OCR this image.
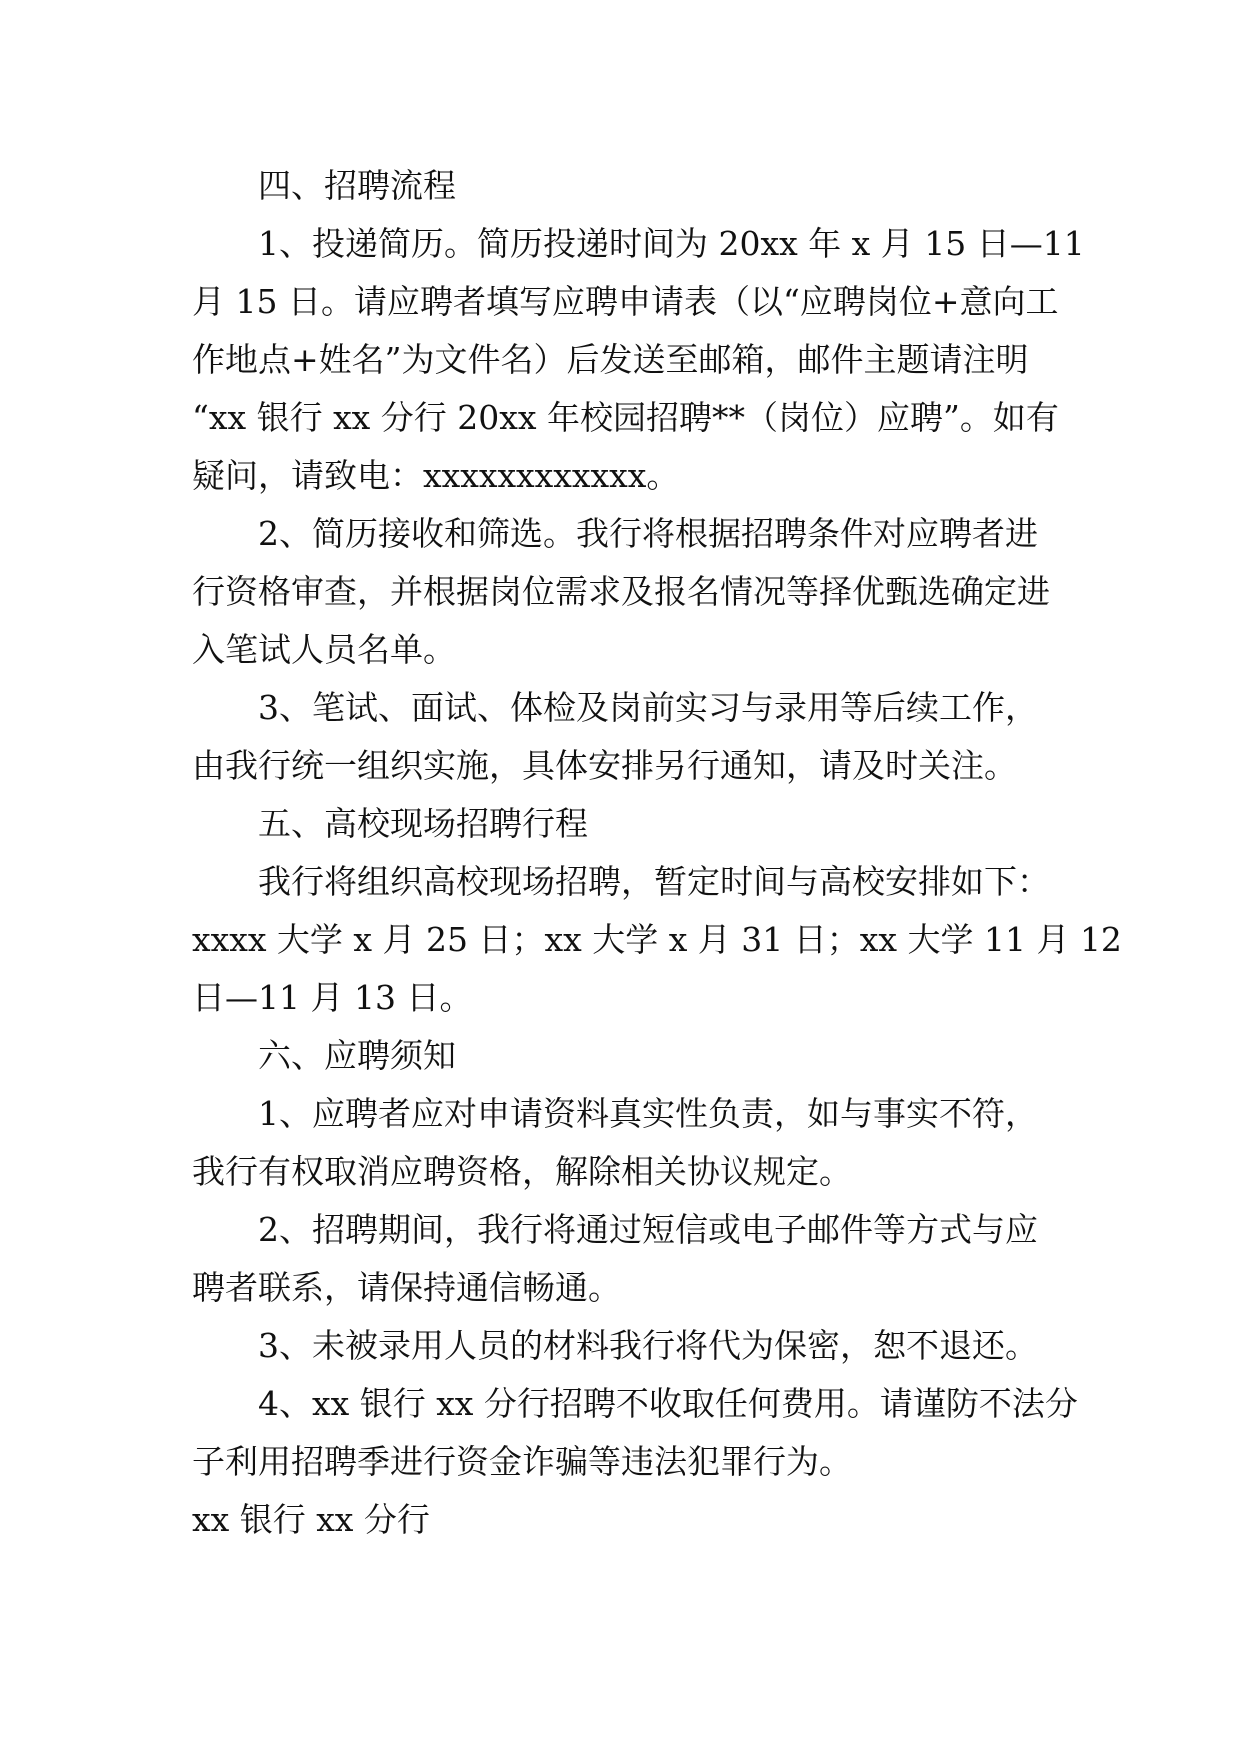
四、招聘流程
1、投递简历。简历投递时间为 20xx 年 x 月 15 日—11
月 15 日。请应聘者填写应聘申请表（以“应聘岗位+意向工
作地点+姓名”为文件名）后发送至邮箱，邮件主题请注明
“xx 银行 xx 分行 20xx 年校园招聘**（岗位）应聘”。如有
疑问，请致电：xxxxxxxxxxxx。
2、简历接收和筛选。我行将根据招聘条件对应聘者进
行资格审查，并根据岗位需求及报名情况等择优甄选确定进
入笔试人员名单。
3、笔试、面试、体检及岗前实习与录用等后续工作，
由我行统一组织实施，具体安排另行通知，请及时关注。
五、高校现场招聘行程
我行将组织高校现场招聘，暂定时间与高校安排如下：
xxxx 大学 x 月 25 日；xx 大学 x 月 31 日；xx 大学 11 月 12
日—11 月 13 日。
六、应聘须知
1、应聘者应对申请资料真实性负责，如与事实不符，
我行有权取消应聘资格，解除相关协议规定。
2、招聘期间，我行将通过短信或电子邮件等方式与应
聘者联系，请保持通信畅通。
3、未被录用人员的材料我行将代为保密，恕不退还。
4、xx 银行 xx 分行招聘不收取任何费用。请谨防不法分
子利用招聘季进行资金诈骗等违法犯罪行为。
xx 银行 xx 分行
